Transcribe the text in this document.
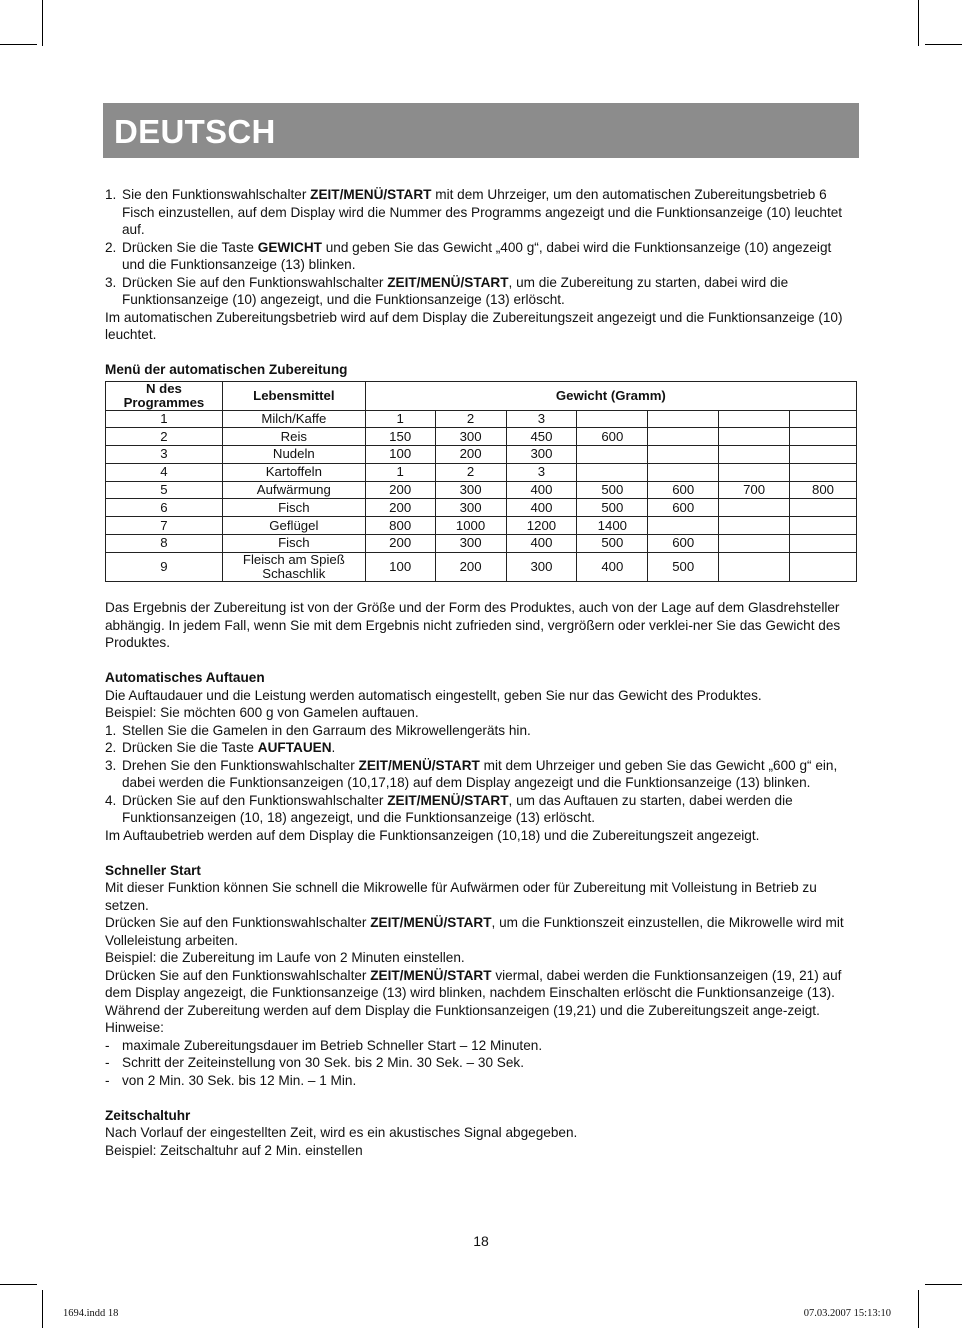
DEUTSCH
1. Sie den Funktionswahlschalter ZEIT/MENÜ/START mit dem Uhrzeiger, um den automatischen Zubereitungsbetrieb 6 Fisch einzustellen, auf dem Display wird die Nummer des Programms angezeigt und die Funktionsanzeige (10) leuchtet auf.
2. Drücken Sie die Taste GEWICHT und geben Sie das Gewicht „400 g“, dabei wird die Funktionsanzeige (10) angezeigt und die Funktionsanzeige (13) blinken.
3. Drücken Sie auf den Funktionswahlschalter ZEIT/MENÜ/START, um die Zubereitung zu starten, dabei wird die Funktionsanzeige (10) angezeigt, und die Funktionsanzeige (13) erlöscht.

Im automatischen Zubereitungsbetrieb wird auf dem Display die Zubereitungszeit angezeigt und die Funktionsanzeige (10) leuchtet.

Menü der automatischen Zubereitung

N des Programmes	Lebensmittel	Gewicht (Gramm)						
1	Milch/Kaffe	1	2	3				
2	Reis	150	300	450	600			
3	Nudeln	100	200	300				
4	Kartoffeln	1	2	3				
5	Aufwärmung	200	300	400	500	600	700	800
6	Fisch	200	300	400	500	600		
7	Geflügel	800	1000	1200	1400			
8	Fisch	200	300	400	500	600		
9	Fleisch am Spieß Schaschlik	100	200	300	400	500		

Das Ergebnis der Zubereitung ist von der Größe und der Form des Produktes, auch von der Lage auf dem Glasdrehsteller abhängig. In jedem Fall, wenn Sie mit dem Ergebnis nicht zufrieden sind, vergrößern oder verklei-ner Sie das Gewicht des Produktes.

Automatisches Auftauen

Die Auftaudauer und die Leistung werden automatisch eingestellt, geben Sie nur das Gewicht des Produktes.

Beispiel: Sie möchten 600 g von Gamelen auftauen.

1. Stellen Sie die Gamelen in den Garraum des Mikrowellengeräts hin.
2. Drücken Sie die Taste AUFTAUEN.
3. Drehen Sie den Funktionswahlschalter ZEIT/MENÜ/START mit dem Uhrzeiger und geben Sie das Gewicht „600 g“ ein, dabei werden die Funktionsanzeigen (10,17,18) auf dem Display angezeigt und die Funktionsanzeige (13) blinken.
4. Drücken Sie auf den Funktionswahlschalter ZEIT/MENÜ/START, um das Auftauen zu starten, dabei werden die Funktionsanzeigen (10, 18) angezeigt, und die Funktionsanzeige (13) erlöscht.

Im Auftaubetrieb werden auf dem Display die Funktionsanzeigen (10,18) und die Zubereitungszeit angezeigt.

Schneller Start

Mit dieser Funktion können Sie schnell die Mikrowelle für Aufwärmen oder für Zubereitung mit Volleistung in Betrieb zu setzen.

Drücken Sie auf den Funktionswahlschalter ZEIT/MENÜ/START, um die Funktionszeit einzustellen, die Mikrowelle wird mit Volleleistung arbeiten.

Beispiel: die Zubereitung im Laufe von 2 Minuten einstellen.

Drücken Sie auf den Funktionswahlschalter ZEIT/MENÜ/START viermal, dabei werden die Funktionsanzeigen (19, 21) auf dem Display angezeigt, die Funktionsanzeige (13) wird blinken, nachdem Einschalten erlöscht die Funktionsanzeige (13).

Während der Zubereitung werden auf dem Display die Funktionsanzeigen (19,21) und die Zubereitungszeit ange-zeigt.

Hinweise:

- maximale Zubereitungsdauer im Betrieb Schneller Start – 12 Minuten.
- Schritt der Zeiteinstellung von 30 Sek. bis 2 Min. 30 Sek. – 30 Sek.
- von 2 Min. 30 Sek. bis 12 Min. – 1 Min.

Zeitschaltuhr

Nach Vorlauf der eingestellten Zeit, wird es ein akustisches Signal abgegeben.

Beispiel: Zeitschaltuhr auf 2 Min. einstellen

18
1694.indd 18	07.03.2007 15:13:10
